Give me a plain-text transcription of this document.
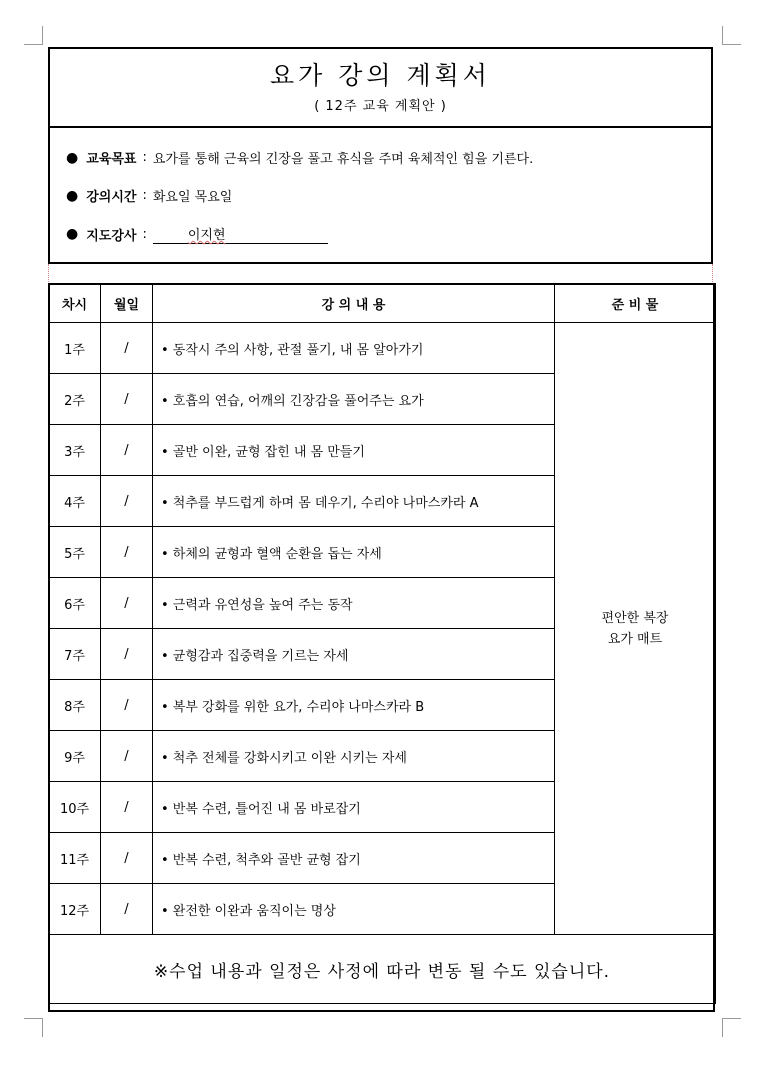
요가 강의 계획서
( 12주 교육 계획안 )
● 교육목표 : 요가를 통해 근육의 긴장을 풀고 휴식을 주며 육체적인 힘을 기른다.
● 강의시간 : 화요일 목요일
● 지도강사 :	이지현
차시	월일	강 의 내 용	준 비 물
1주	/	• 동작시 주의 사항, 관절 풀기, 내 몸 알아가기	편안한 복장
요가 매트

2주	/	• 호흡의 연습, 어깨의 긴장감을 풀어주는 요가	
3주	/	• 골반 이완, 균형 잡힌 내 몸 만들기	
4주	/	• 척추를 부드럽게 하며 몸 데우기, 수리야 나마스카라 A	
5주	/	• 하체의 균형과 혈액 순환을 돕는 자세	
6주	/	• 근력과 유연성을 높여 주는 동작	
7주	/	• 균형감과 집중력을 기르는 자세	
8주	/	• 복부 강화를 위한 요가, 수리야 나마스카라 B	
9주	/	• 척추 전체를 강화시키고 이완 시키는 자세	
10주	/	• 반복 수련, 틀어진 내 몸 바로잡기	
11주	/	• 반복 수련, 척추와 골반 균형 잡기	
12주	/	• 완전한 이완과 움직이는 명상	
※수업 내용과 일정은 사정에 따라 변동 될 수도 있습니다.			
